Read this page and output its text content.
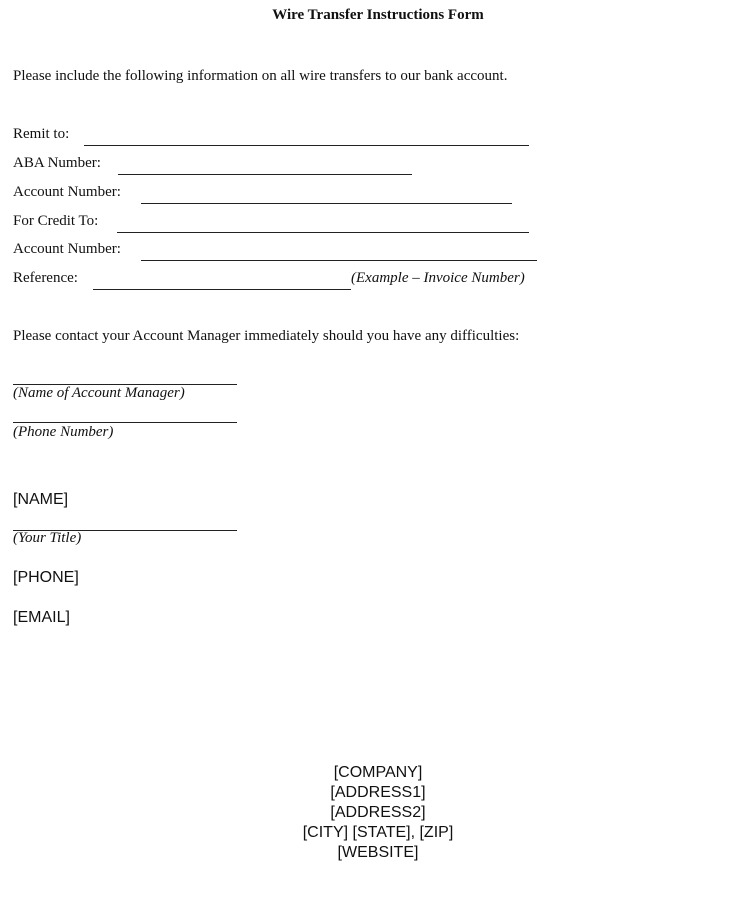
Wire Transfer Instructions Form
Please include the following information on all wire transfers to our bank account.
Remit to:
ABA Number:
Account Number:
For Credit To:
Account Number:
Reference:	(Example – Invoice Number)
Please contact your Account Manager immediately should you have any difficulties:
(Name of Account Manager)
(Phone Number)
[NAME]
(Your Title)
[PHONE]
[EMAIL]
[COMPANY]
[ADDRESS1]
[ADDRESS2]
[CITY] [STATE], [ZIP]
[WEBSITE]
